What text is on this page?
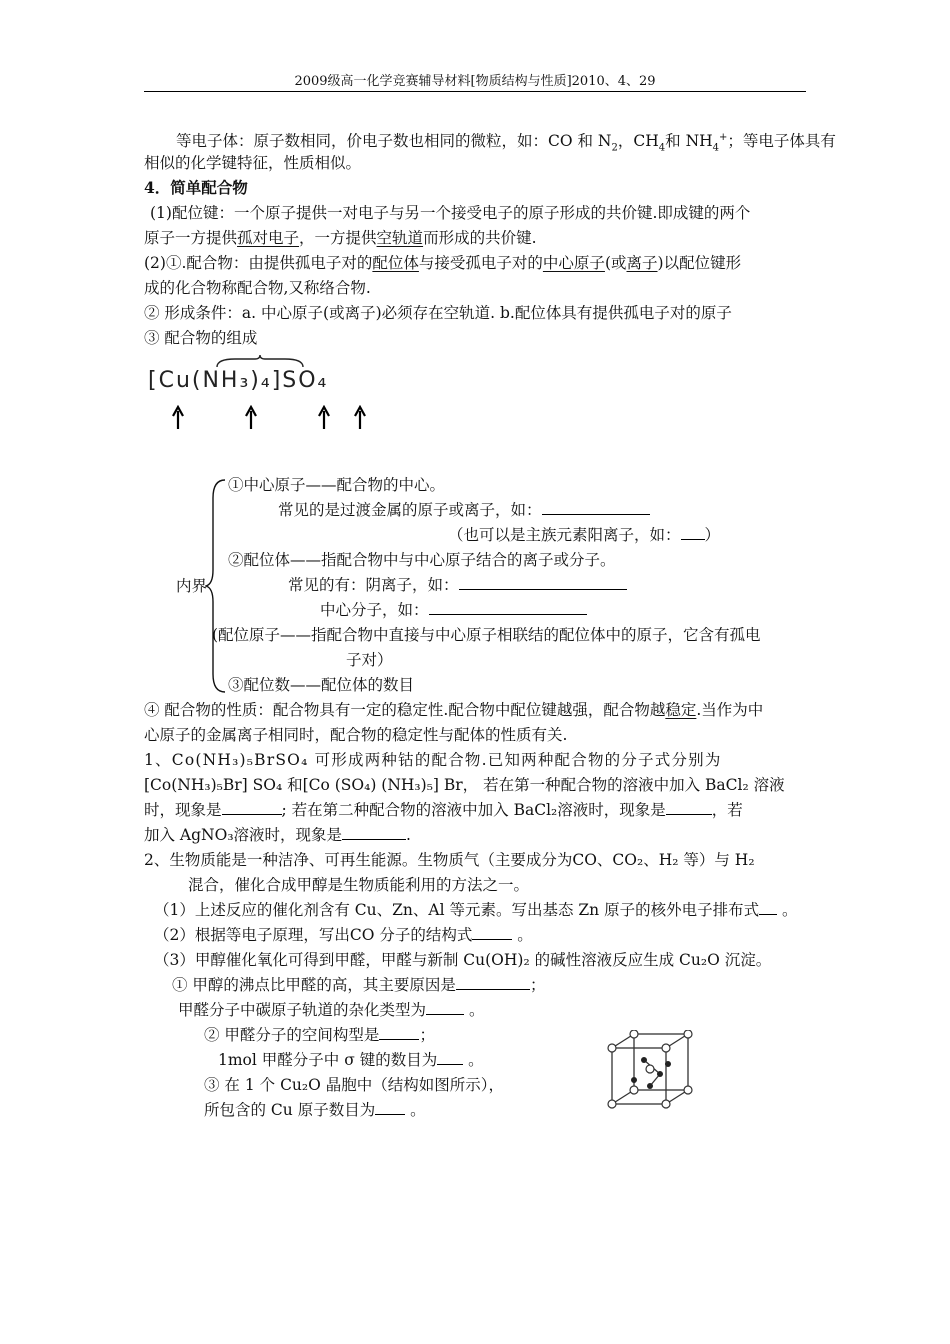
2009级高一化学竞赛辅导材料[物质结构与性质]2010、4、29
等电子体：原子数相同，价电子数也相同的微粒，如：CO 和 $N_2$，$CH_4$和 $NH_4^+$；等电子体具有
相似的化学键特征，性质相似。
4．简单配合物
(1)配位键：一个原子提供一对电子与另一个接受电子的原子形成的共价键.即成键的两个
原子一方提供孤对电子，一方提供空轨道而形成的共价键.
(2)①.配合物：由提供孤电子对的配位体与接受孤电子对的中心原子(或离子)以配位键形
成的化合物称配合物,又称络合物.
② 形成条件：a. 中心原子(或离子)必须存在空轨道. b.配位体具有提供孤电子对的原子
③ 配合物的组成
[Cu(NH₃)₄]SO₄
内界
①中心原子——配合物的中心。
常见的是过渡金属的原子或离子，如：
（也可以是主族元素阳离子，如： ）
②配位体——指配合物中与中心原子结合的离子或分子。
常见的有：阴离子，如：
中心分子，如：
(配位原子——指配合物中直接与中心原子相联结的配位体中的原子，它含有孤电
子对）
③配位数——配位体的数目
④ 配合物的性质：配合物具有一定的稳定性.配合物中配位键越强，配合物越稳定.当作为中
心原子的金属离子相同时，配合物的稳定性与配体的性质有关.
1、Co(NH₃)₅BrSO₄ 可形成两种钴的配合物.已知两种配合物的分子式分别为
[Co(NH₃)₅Br] SO₄ 和[Co (SO₄) (NH₃)₅] Br， 若在第一种配合物的溶液中加入 BaCl₂ 溶液
时，现象是	; 若在第二种配合物的溶液中加入 BaCl₂溶液时，现象是	，若
加入 AgNO₃溶液时，现象是	.
2、生物质能是一种洁净、可再生能源。生物质气（主要成分为CO、CO₂、H₂ 等）与 H₂
混合，催化合成甲醇是生物质能利用的方法之一。
（1）上述反应的催化剂含有 Cu、Zn、Al 等元素。写出基态 Zn 原子的核外电子排布式 。
（2）根据等电子原理，写出CO 分子的结构式	。
（3）甲醇催化氧化可得到甲醛，甲醛与新制 Cu(OH)₂ 的碱性溶液反应生成 Cu₂O 沉淀。
① 甲醇的沸点比甲醛的高，其主要原因是	；
甲醛分子中碳原子轨道的杂化类型为 。
② 甲醛分子的空间构型是	；
1mol 甲醛分子中 σ 键的数目为 。
③ 在 1 个 Cu₂O 晶胞中（结构如图所示），
所包含的 Cu 原子数目为 。
